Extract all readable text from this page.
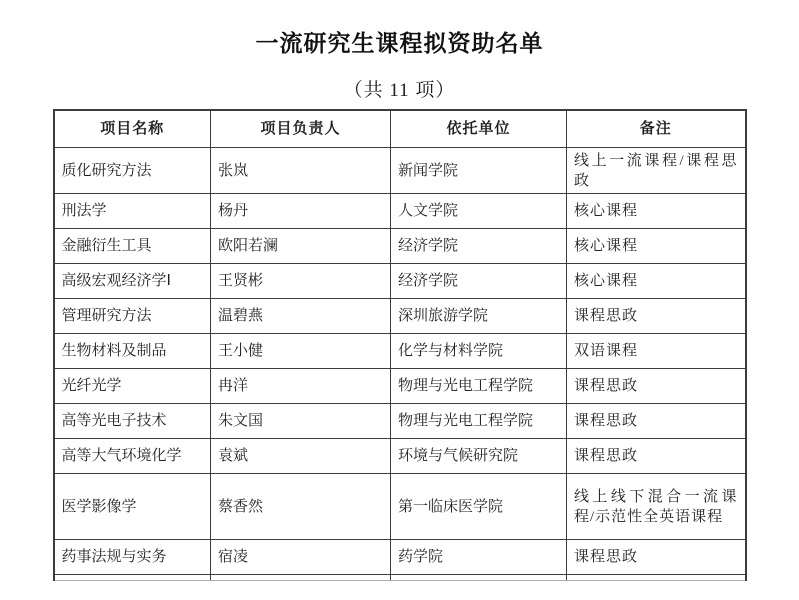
一流研究生课程拟资助名单
（共 11 项）
项目名称	项目负责人	依托单位	备注
质化研究方法	张岚	新闻学院	线上一流课程/课程思政
刑法学	杨丹	人文学院	核心课程
金融衍生工具	欧阳若澜	经济学院	核心课程
高级宏观经济学Ⅰ	王贤彬	经济学院	核心课程
管理研究方法	温碧燕	深圳旅游学院	课程思政
生物材料及制品	王小健	化学与材料学院	双语课程
光纤光学	冉洋	物理与光电工程学院	课程思政
高等光电子技术	朱文国	物理与光电工程学院	课程思政
高等大气环境化学	袁斌	环境与气候研究院	课程思政
医学影像学	蔡香然	第一临床医学院	线上线下混合一流课程/示范性全英语课程
药事法规与实务	宿凌	药学院	课程思政
